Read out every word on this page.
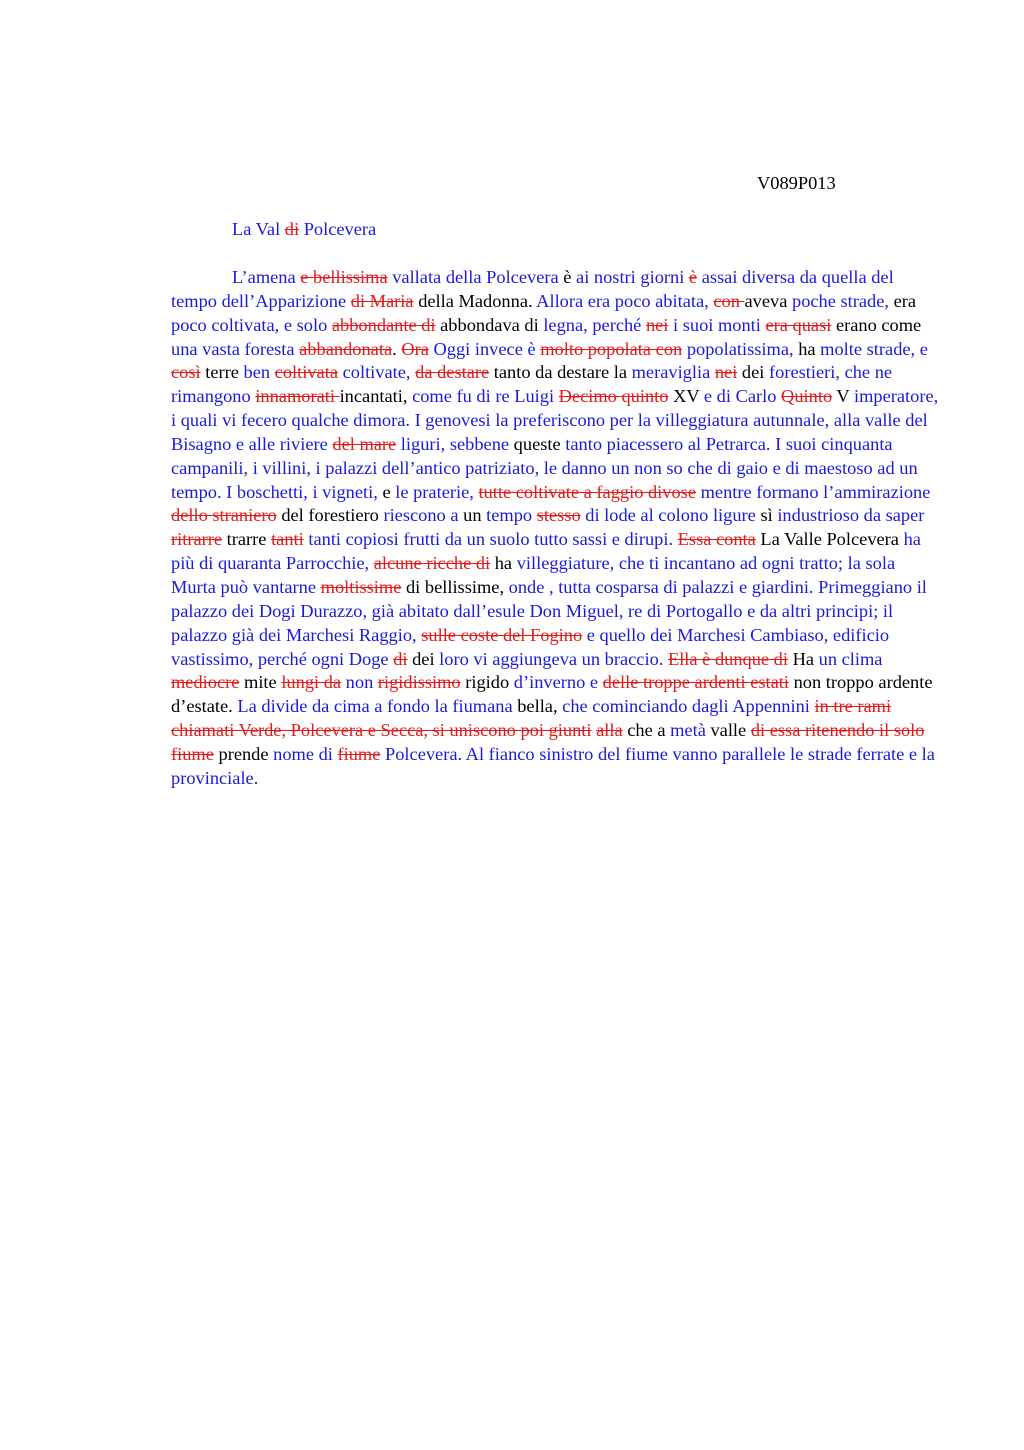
V089P013
La Val di Polcevera

L’amena e bellissima vallata della Polcevera è ai nostri giorni è assai diversa da quella del tempo dell’Apparizione di Maria della Madonna. Allora era poco abitata, con aveva poche strade, era poco coltivata, e solo abbondante di abbondava di legna, perché nei i suoi monti era quasi erano come una vasta foresta abbandonata. Ora Oggi invece è molto popolata con popolatissima, ha molte strade, e così terre ben coltivata coltivate, da destare tanto da destare la meraviglia nei dei forestieri, che ne rimangono innamorati incantati, come fu di re Luigi Decimo quinto XV e di Carlo Quinto V imperatore, i quali vi fecero qualche dimora. I genovesi la preferiscono per la villeggiatura autunnale, alla valle del Bisagno e alle riviere del mare liguri, sebbene queste tanto piacessero al Petrarca. I suoi cinquanta campanili, i villini, i palazzi dell’antico patriziato, le danno un non so che di gaio e di maestoso ad un tempo. I boschetti, i vigneti, e le praterie, tutte coltivate a faggio divose mentre formano l’ammirazione dello straniero del forestiero riescono a un tempo stesso di lode al colono ligure sì industrioso da saper ritrarre trarre tanti tanti copiosi frutti da un suolo tutto sassi e dirupi. Essa conta La Valle Polcevera ha più di quaranta Parrocchie, alcune ricche di ha villeggiature, che ti incantano ad ogni tratto; la sola Murta può vantarne moltissime di bellissime, onde , tutta cosparsa di palazzi e giardini. Primeggiano il palazzo dei Dogi Durazzo, già abitato dall’esule Don Miguel, re di Portogallo e da altri principi; il palazzo già dei Marchesi Raggio, sulle coste del Fogino e quello dei Marchesi Cambiaso, edificio vastissimo, perché ogni Doge di dei loro vi aggiungeva un braccio. Ella è dunque di Ha un clima mediocre mite lungi da non rigidissimo rigido d’inverno e delle troppe ardenti estati non troppo ardente d’estate. La divide da cima a fondo la fiumana bella, che cominciando dagli Appennini in tre rami chiamati Verde, Polcevera e Secca, si uniscono poi giunti alla che a metà valle di essa ritenendo il solo fiume prende nome di fiume Polcevera. Al fianco sinistro del fiume vanno parallele le strade ferrate e la provinciale.
